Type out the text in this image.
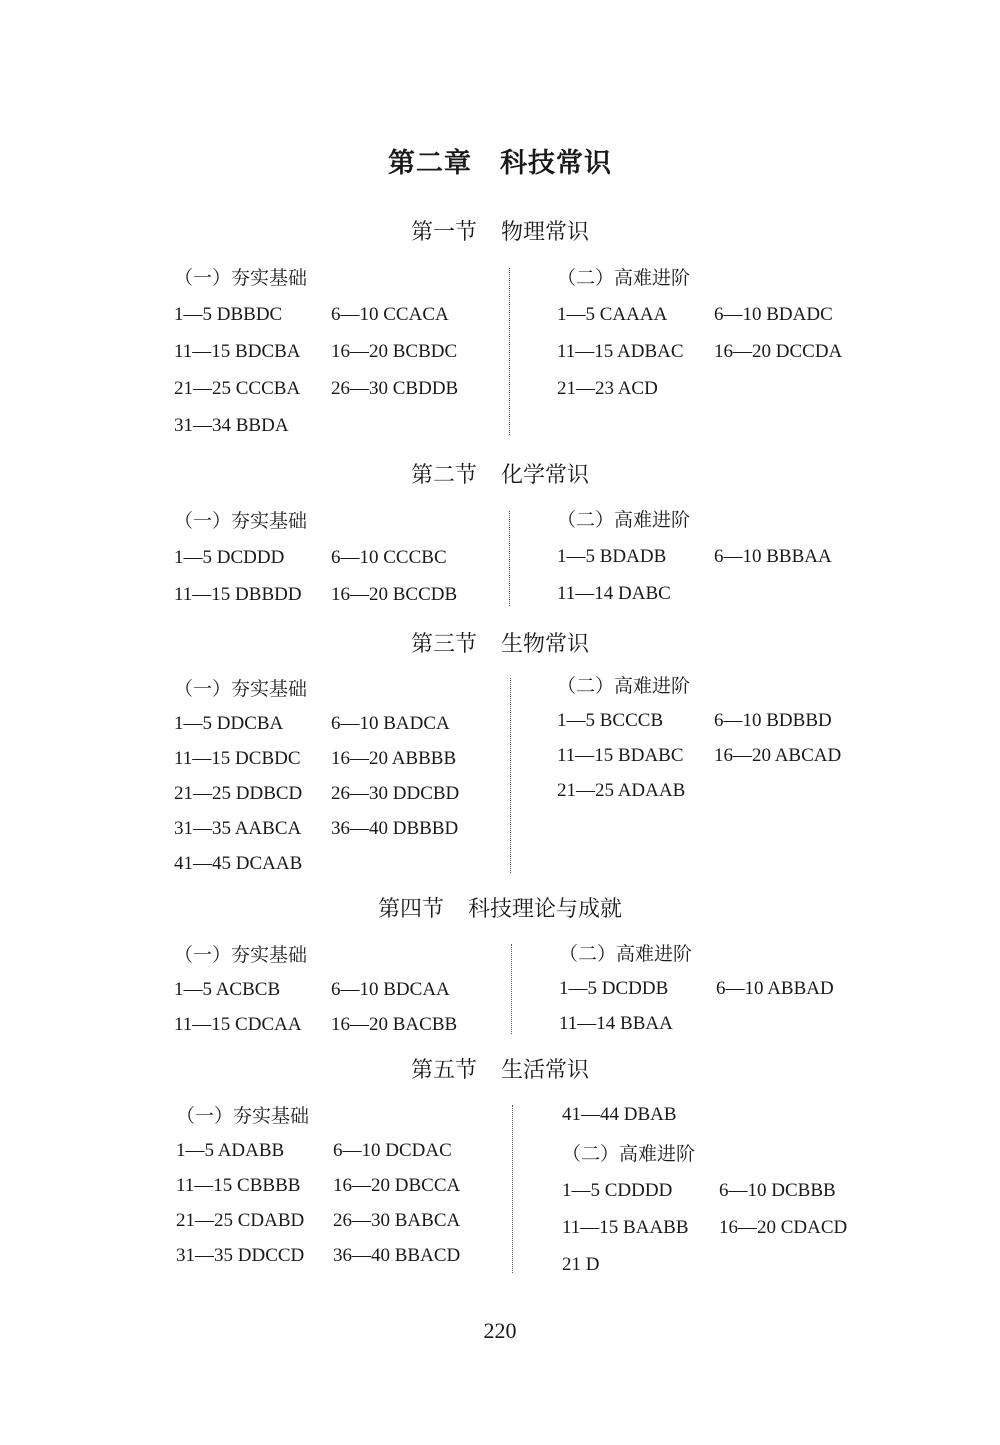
第二章　科技常识
第一节 物理常识
（一）夯实基础
1—5 DBBDC	6—10 CCACA
11—15 BDCBA 16—20 BCBDC
21—25 CCCBA 26—30 CBDDB
31—34 BBDA
（二）高难进阶
1—5 CAAAA 6—10 BDADC
11—15 ADBAC 16—20 DCCDA
21—23 ACD
第二节 化学常识
（一）夯实基础
1—5 DCDDD 6—10 CCCBC
11—15 DBBDD 16—20 BCCDB
（二）高难进阶
1—5 BDADB	6—10 BBBAA
11—14 DABC
第三节 生物常识
（一）夯实基础
1—5 DDCBA	6—10 BADCA
11—15 DCBDC 16—20 ABBBB
21—25 DDBCD 26—30 DDCBD
31—35 AABCA 36—40 DBBBD
41—45 DCAAB
（二）高难进阶
1—5 BCCCB	6—10 BDBBD
11—15 BDABC 16—20 ABCAD
21—25 ADAAB
第四节 科技理论与成就
（一）夯实基础
1—5 ACBCB	6—10 BDCAA
11—15 CDCAA 16—20 BACBB
（二）高难进阶
1—5 DCDDB	6—10 ABBAD
11—14 BBAA
第五节 生活常识
（一）夯实基础
1—5 ADABB	6—10 DCDAC
11—15 CBBBB 16—20 DBCCA
21—25 CDABD 26—30 BABCA
31—35 DDCCD 36—40 BBACD
41—44 DBAB
（二）高难进阶
1—5 CDDDD 6—10 DCBBB
11—15 BAABB 16—20 CDACD
21 D
220
